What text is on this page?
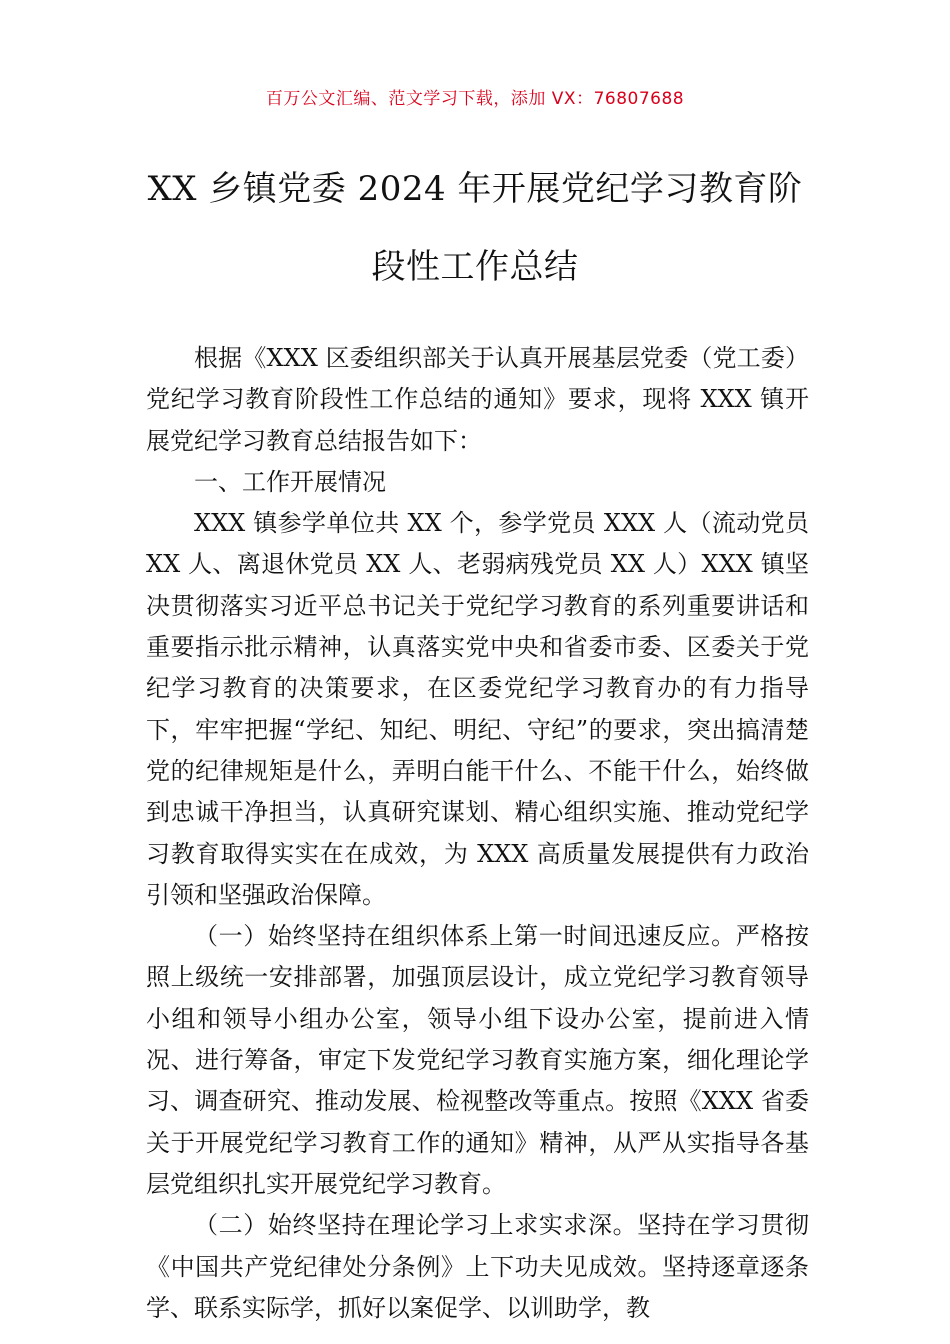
百万公文汇编、范文学习下载，添加 VX：76807688
XX 乡镇党委 2024 年开展党纪学习教育阶段性工作总结

根据《XXX 区委组织部关于认真开展基层党委（党工委）党纪学习教育阶段性工作总结的通知》要求，现将 XXX 镇开展党纪学习教育总结报告如下：

一、工作开展情况

XXX 镇参学单位共 XX 个，参学党员 XXX 人（流动党员 XX 人、离退休党员 XX 人、老弱病残党员 XX 人）XXX 镇坚决贯彻落实习近平总书记关于党纪学习教育的系列重要讲话和重要指示批示精神，认真落实党中央和省委市委、区委关于党纪学习教育的决策要求，在区委党纪学习教育办的有力指导下，牢牢把握“学纪、知纪、明纪、守纪”的要求，突出搞清楚党的纪律规矩是什么，弄明白能干什么、不能干什么，始终做到忠诚干净担当，认真研究谋划、精心组织实施、推动党纪学习教育取得实实在在成效，为 XXX 高质量发展提供有力政治引领和坚强政治保障。

（一）始终坚持在组织体系上第一时间迅速反应。严格按照上级统一安排部署，加强顶层设计，成立党纪学习教育领导小组和领导小组办公室，领导小组下设办公室，提前进入情况、进行筹备，审定下发党纪学习教育实施方案，细化理论学习、调查研究、推动发展、检视整改等重点。按照《XXX 省委关于开展党纪学习教育工作的通知》精神，从严从实指导各基层党组织扎实开展党纪学习教育。

（二）始终坚持在理论学习上求实求深。坚持在学习贯彻《中国共产党纪律处分条例》上下功夫见成效。坚持逐章逐条学、联系实际学，抓好以案促学、以训助学，教
